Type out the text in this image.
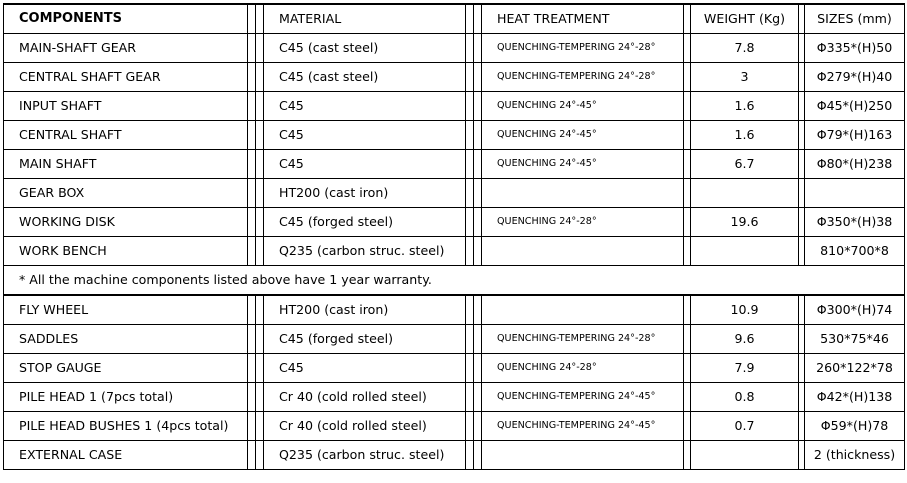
COMPONENTS			MATERIAL			HEAT TREATMENT		WEIGHT (Kg)		SIZES (mm)
MAIN-SHAFT GEAR			C45 (cast steel)			QUENCHING-TEMPERING 24°-28°		7.8		Φ335*(H)50
CENTRAL SHAFT GEAR			C45 (cast steel)			QUENCHING-TEMPERING 24°-28°		3		Φ279*(H)40
INPUT SHAFT			C45			QUENCHING 24°-45°		1.6		Φ45*(H)250
CENTRAL SHAFT			C45			QUENCHING 24°-45°		1.6		Φ79*(H)163
MAIN SHAFT			C45			QUENCHING 24°-45°		6.7		Φ80*(H)238
GEAR BOX			HT200 (cast iron)							
WORKING DISK			C45 (forged steel)			QUENCHING 24°-28°		19.6		Φ350*(H)38
WORK BENCH			Q235 (carbon struc. steel)							810*700*8
* All the machine components listed above have 1 year warranty.										
FLY WHEEL			HT200 (cast iron)					10.9		Φ300*(H)74
SADDLES			C45 (forged steel)			QUENCHING-TEMPERING 24°-28°		9.6		530*75*46
STOP GAUGE			C45			QUENCHING 24°-28°		7.9		260*122*78
PILE HEAD 1 (7pcs total)			Cr 40 (cold rolled steel)			QUENCHING-TEMPERING 24°-45°		0.8		Φ42*(H)138
PILE HEAD BUSHES 1 (4pcs total)			Cr 40 (cold rolled steel)			QUENCHING-TEMPERING 24°-45°		0.7		Φ59*(H)78
EXTERNAL CASE			Q235 (carbon struc. steel)							2 (thickness)
